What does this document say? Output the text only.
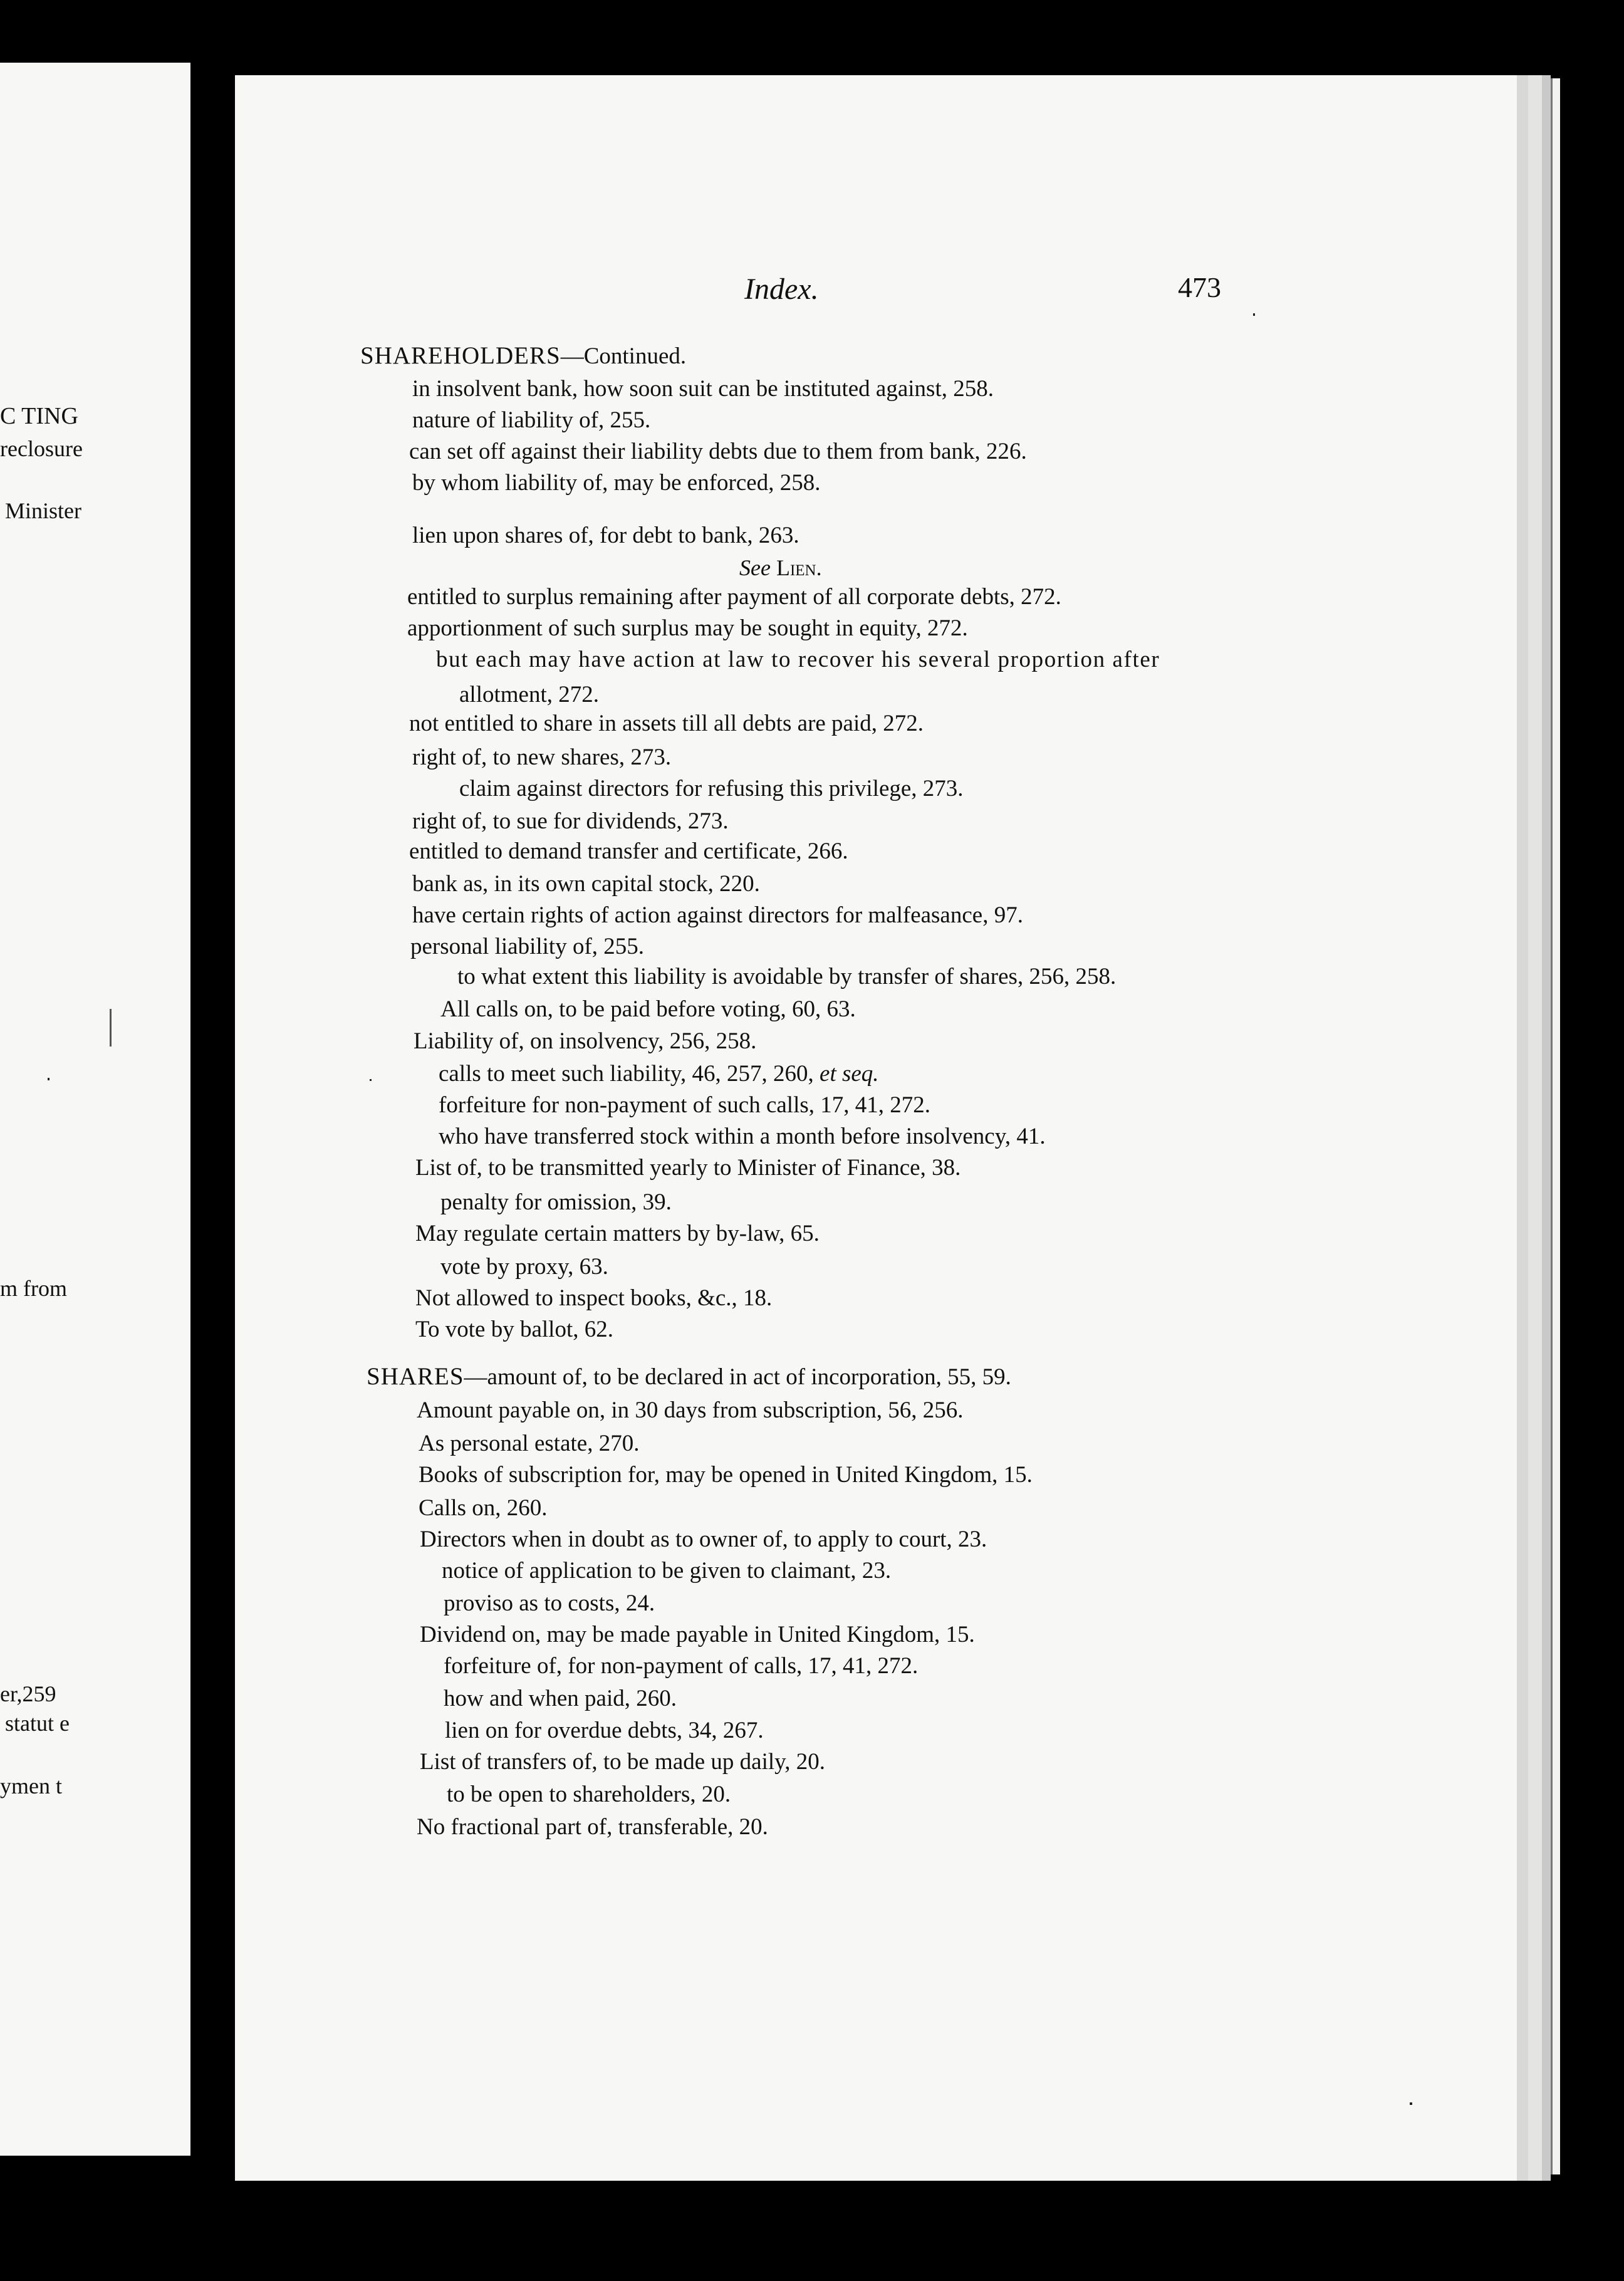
C TING
reclosure
Minister
m from
er,259
statut e
ymen t
Index.	473
SHAREHOLDERS—Continued.
in insolvent bank, how soon suit can be instituted against, 258.
nature of liability of, 255.
can set off against their liability debts due to them from bank, 226.
by whom liability of, may be enforced, 258.
lien upon shares of, for debt to bank, 263.
See Lien.
entitled to surplus remaining after payment of all corporate debts, 272.
apportionment of such surplus may be sought in equity, 272.
but each may have action at law to recover his several proportion after
allotment, 272.
not entitled to share in assets till all debts are paid, 272.
right of, to new shares, 273.
claim against directors for refusing this privilege, 273.
right of, to sue for dividends, 273.
entitled to demand transfer and certificate, 266.
bank as, in its own capital stock, 220.
have certain rights of action against directors for malfeasance, 97.
personal liability of, 255.
to what extent this liability is avoidable by transfer of shares, 256, 258.
All calls on, to be paid before voting, 60, 63.
Liability of, on insolvency, 256, 258.
calls to meet such liability, 46, 257, 260, et seq.
forfeiture for non-payment of such calls, 17, 41, 272.
who have transferred stock within a month before insolvency, 41.
List of, to be transmitted yearly to Minister of Finance, 38.
penalty for omission, 39.
May regulate certain matters by by-law, 65.
vote by proxy, 63.
Not allowed to inspect books, &c., 18.
To vote by ballot, 62.
SHARES—amount of, to be declared in act of incorporation, 55, 59.
Amount payable on, in 30 days from subscription, 56, 256.
As personal estate, 270.
Books of subscription for, may be opened in United Kingdom, 15.
Calls on, 260.
Directors when in doubt as to owner of, to apply to court, 23.
notice of application to be given to claimant, 23.
proviso as to costs, 24.
Dividend on, may be made payable in United Kingdom, 15.
forfeiture of, for non-payment of calls, 17, 41, 272.
how and when paid, 260.
lien on for overdue debts, 34, 267.
List of transfers of, to be made up daily, 20.
to be open to shareholders, 20.
No fractional part of, transferable, 20.
